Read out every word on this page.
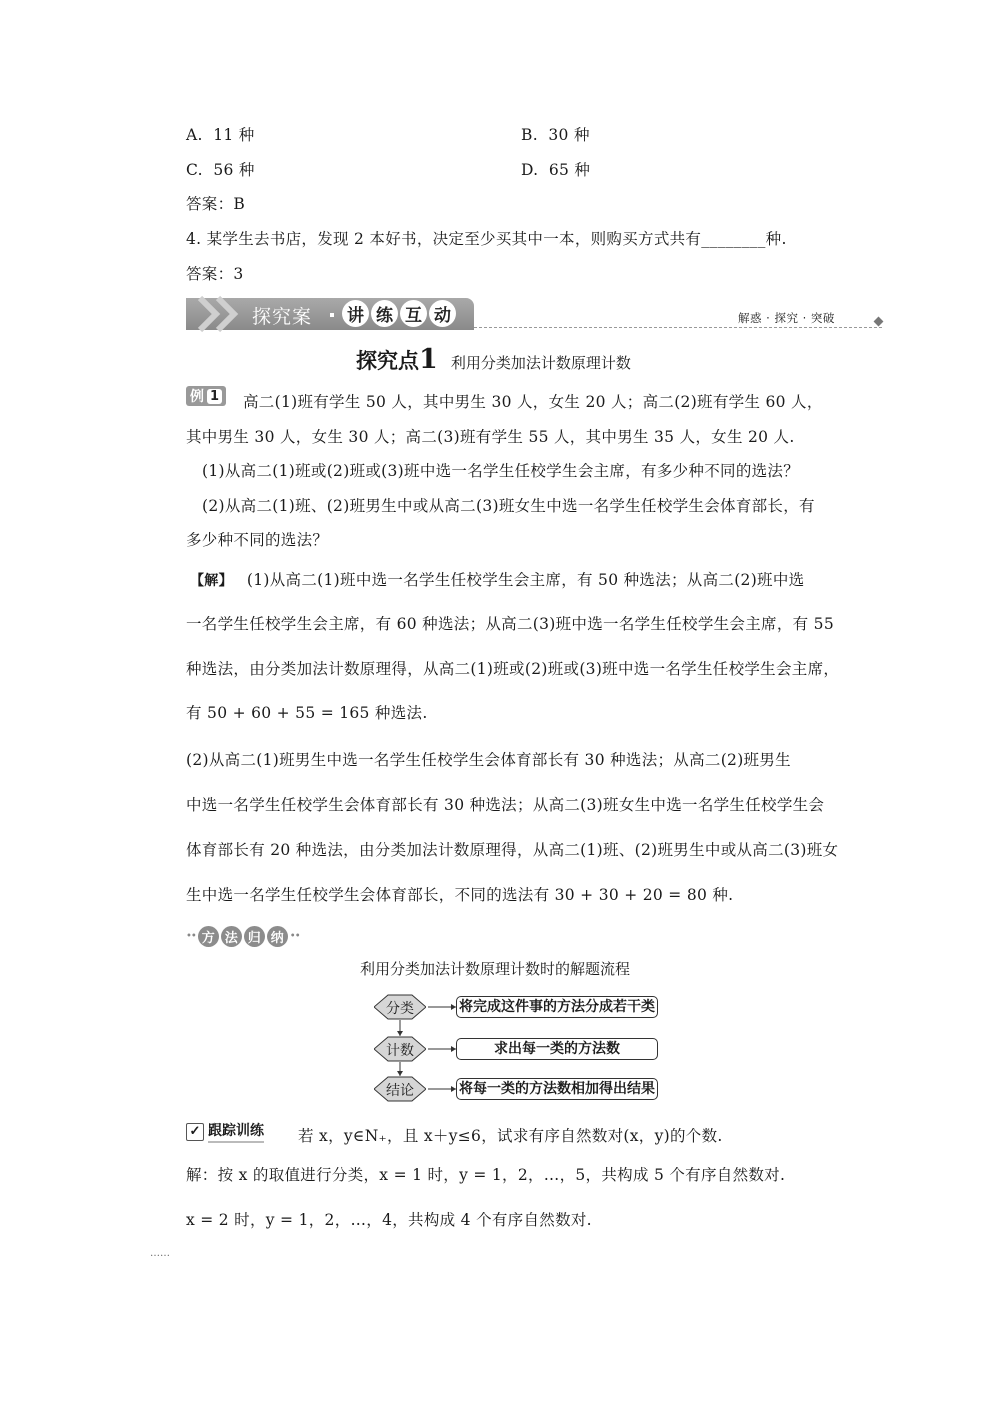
A. 11 种	B. 30 种
C. 56 种	D. 65 种
答案：B
4. 某学生去书店，发现 2 本好书，决定至少买其中一本，则购买方式共有________种.
答案：3
探究案 讲 练 互 动	解惑 · 探究 · 突破
探究点1 利用分类加法计数原理计数
例 1 高二(1)班有学生 50 人，其中男生 30 人，女生 20 人；高二(2)班有学生 60 人，
其中男生 30 人，女生 30 人；高二(3)班有学生 55 人，其中男生 35 人，女生 20 人.
(1)从高二(1)班或(2)班或(3)班中选一名学生任校学生会主席，有多少种不同的选法？
(2)从高二(1)班、(2)班男生中或从高二(3)班女生中选一名学生任校学生会体育部长，有
多少种不同的选法？
【解】 (1)从高二(1)班中选一名学生任校学生会主席，有 50 种选法；从高二(2)班中选
一名学生任校学生会主席，有 60 种选法；从高二(3)班中选一名学生任校学生会主席，有 55
种选法，由分类加法计数原理得，从高二(1)班或(2)班或(3)班中选一名学生任校学生会主席，
有 50 + 60 + 55 = 165 种选法.
(2)从高二(1)班男生中选一名学生任校学生会体育部长有 30 种选法；从高二(2)班男生
中选一名学生任校学生会体育部长有 30 种选法；从高二(3)班女生中选一名学生任校学生会
体育部长有 20 种选法，由分类加法计数原理得，从高二(1)班、(2)班男生中或从高二(3)班女
生中选一名学生任校学生会体育部长，不同的选法有 30 + 30 + 20 = 80 种.
•• 方 法 归 纳 ••
利用分类加法计数原理计数时的解题流程
分类	将完成这件事的方法分成若干类
计数	求出每一类的方法数
结论	将每一类的方法数相加得出结果
✓ 跟踪训练 若 x，y∈N₊，且 x＋y≤6，试求有序自然数对(x，y)的个数.
解：按 x 的取值进行分类，x = 1 时，y = 1，2，…，5，共构成 5 个有序自然数对.
x = 2 时，y = 1，2，…，4，共构成 4 个有序自然数对.
……
